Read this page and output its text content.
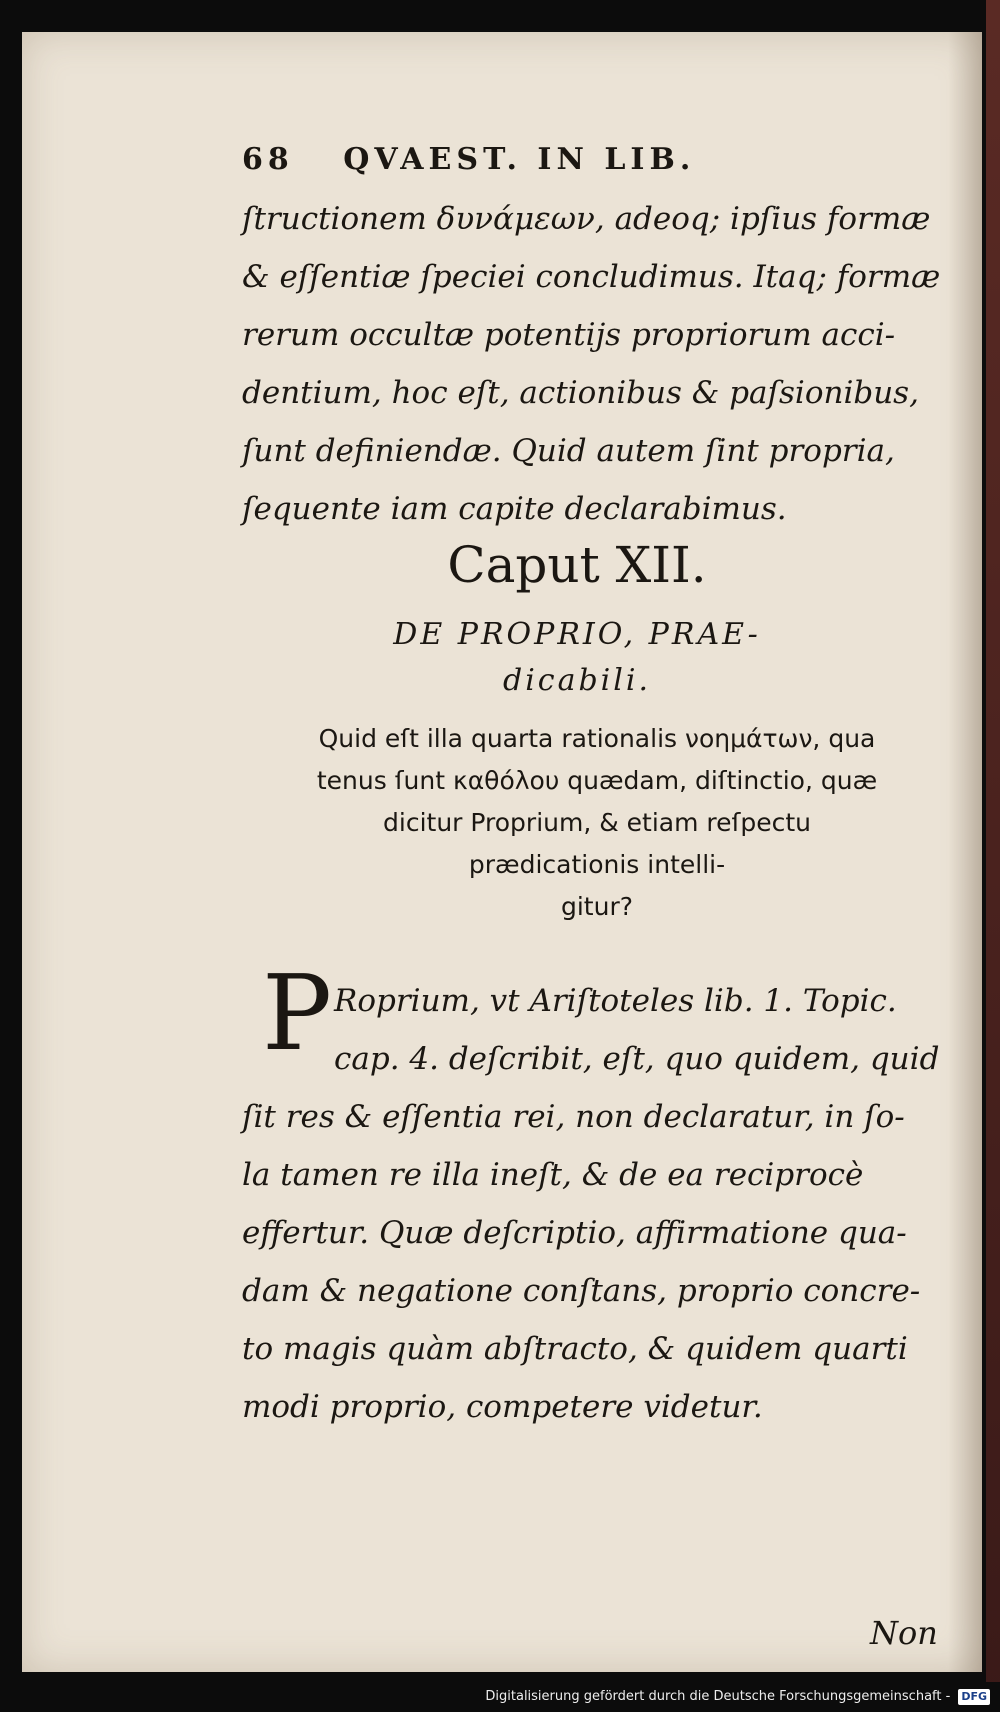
68 QVAEST. IN LIB.
ſtructionem δυνάμεων, adeoq; ipſius formæ
& eſſentiæ ſpeciei concludimus. Itaq; formæ
rerum occultæ potentijs propriorum acci-
dentium, hoc eſt, actionibus & paſsionibus,
ſunt definiendæ. Quid autem ſint propria,
ſequente iam capite declarabimus.
Caput XII.
DE PROPRIO, PRAE-
dicabili.
Quid eſt illa quarta rationalis νοημάτων, qua
tenus ſunt καθόλου quædam, diſtinctio, quæ
dicitur Proprium, & etiam reſpectu
prædicationis intelli-
gitur?
P Roprium, vt Ariſtoteles lib. 1. Topic.
cap. 4. deſcribit, eſt, quo quidem, quid
ſit res & eſſentia rei, non declaratur, in ſo-
la tamen re illa ineſt, & de ea reciprocè
effertur. Quæ deſcriptio, affirmatione qua-
dam & negatione conſtans, proprio concre-
to magis quàm abſtracto, & quidem quarti
modi proprio, competere videtur.
Non
Digitalisierung gefördert durch die Deutsche Forschungsgemeinschaft - DFG
